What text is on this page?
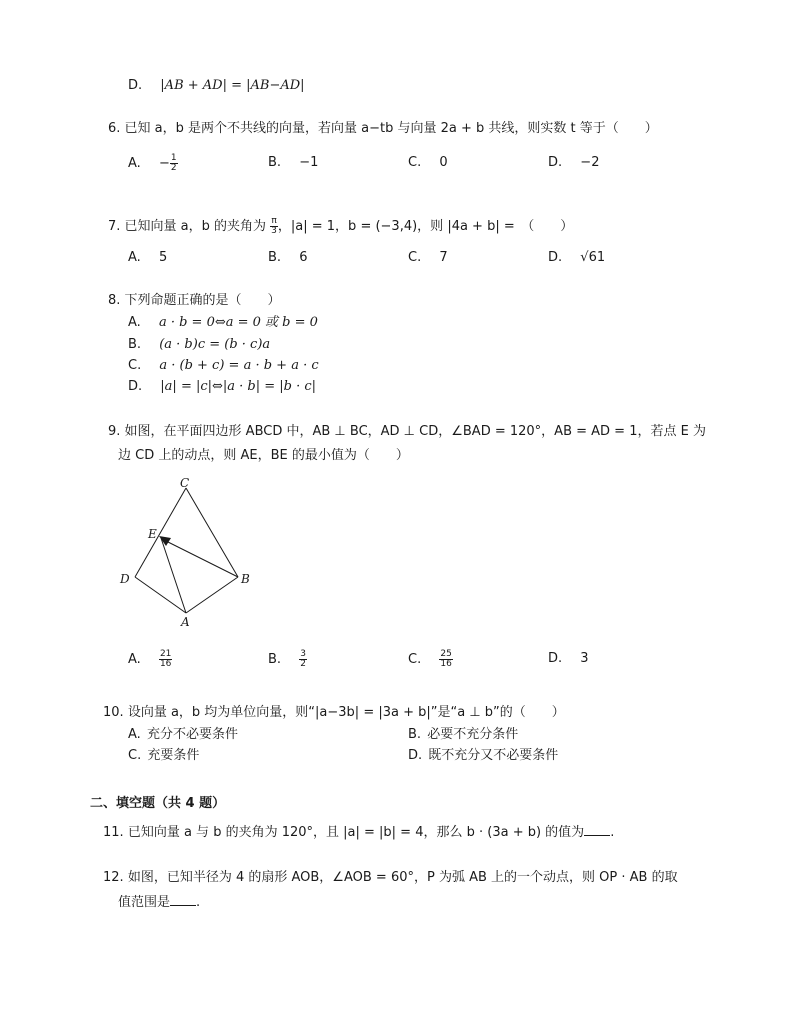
D. |AB + AD| = |AB−AD|
6. 已知 a，b 是两个不共线的向量，若向量 a−tb 与向量 2a + b 共线，则实数 t 等于（　　）
A. − $\frac{1}{2}$	B. −1	C. 0	D. −2
7. 已知向量 a，b 的夹角为 $\frac{\pi}{3}$ ，|a| = 1，b = (−3,4)，则 |4a + b| =　（　　）
A. 5	B. 6	C. 7	D. √61
8. 下列命题正确的是（　　）
A. a · b = 0⇔a = 0 或 b = 0
B. (a · b)c = (b · c)a
C. a · (b + c) = a · b + a · c
D. |a| = |c|⇔|a · b| = |b · c|
9. 如图，在平面四边形 ABCD 中，AB ⊥ BC，AD ⊥ CD，∠BAD = 120°，AB = AD = 1，若点 E 为
边 CD 上的动点，则 AE，BE 的最小值为（　　）
C
E
D	B
A
A. $\frac{21}{16}$	B. $\frac{3}{2}$	C. $\frac{25}{16}$	D. 3
10. 设向量 a，b 均为单位向量，则“|a−3b| = |3a + b|”是“a ⊥ b”的（　　）
A. 充分不必要条件	B. 必要不充分条件
C. 充要条件	D. 既不充分又不必要条件
二、填空题（共 4 题）
11. 已知向量 a 与 b 的夹角为 120°，且 |a| = |b| = 4，那么 b · (3a + b) 的值为 .
12. 如图，已知半径为 4 的扇形 AOB，∠AOB = 60°，P 为弧 AB 上的一个动点，则 OP · AB 的取
值范围是 .
